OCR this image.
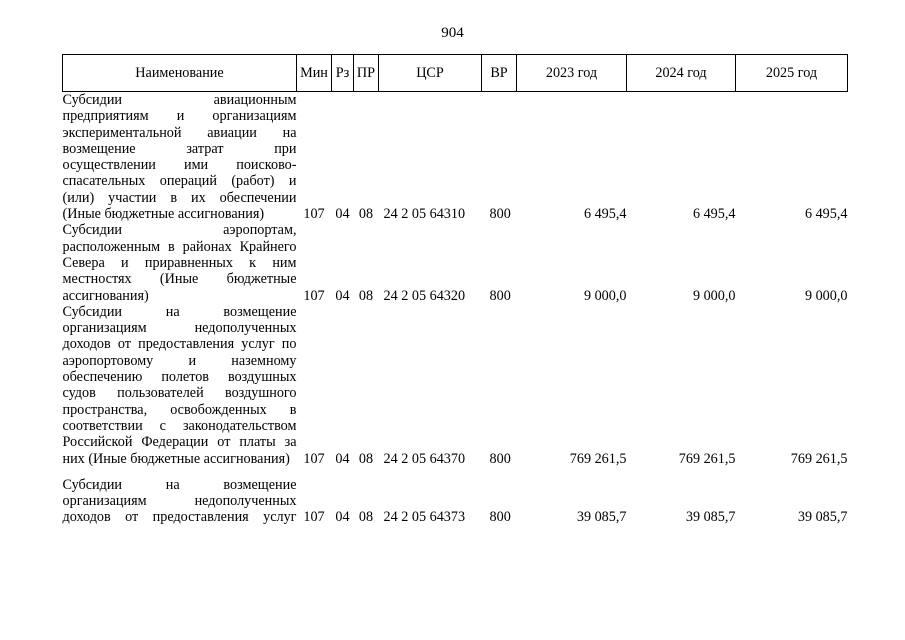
904
Наименование	Мин	Рз	ПР	ЦСР	ВР	2023 год	2024 год	2025 год
Субсидии авиационным предприятиям и организациям экспериментальной авиации на возмещение затрат при осуществлении ими поисково-спасательных операций (работ) и (или) участии в их обеспечении (Иные бюджетные ассигнования)	107	04	08	24 2 05 64310	800	6 495,4	6 495,4	6 495,4
Субсидии аэропортам, расположенным в районах Крайнего Севера и приравненных к ним местностях (Иные бюджетные ассигнования)	107	04	08	24 2 05 64320	800	9 000,0	9 000,0	9 000,0
Субсидии на возмещение организациям недополученных доходов от предоставления услуг по аэропортовому и наземному обеспечению полетов воздушных судов пользователей воздушного пространства, освобожденных в соответствии с законодательством Российской Федерации от платы за них (Иные бюджетные ассигнования)	107	04	08	24 2 05 64370	800	769 261,5	769 261,5	769 261,5
Субсидии на возмещение организациям недополученных доходов от предоставления услуг	107	04	08	24 2 05 64373	800	39 085,7	39 085,7	39 085,7
